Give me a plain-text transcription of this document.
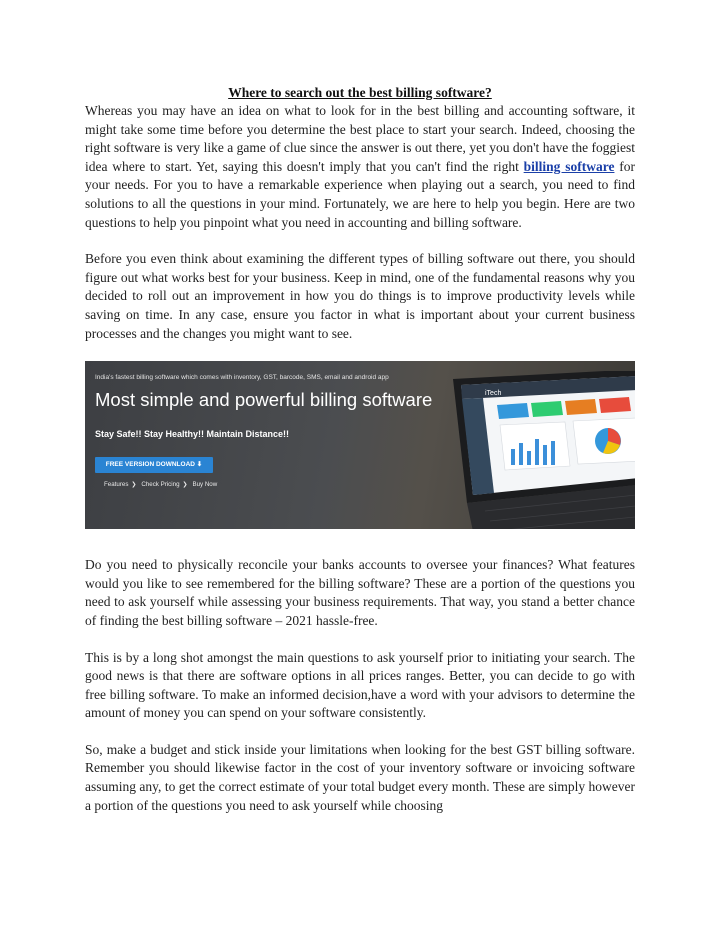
Where to search out the best billing software?

Whereas you may have an idea on what to look for in the best billing and accounting software, it might take some time before you determine the best place to start your search. Indeed, choosing the right software is very like a game of clue since the answer is out there, yet you don't have the foggiest idea where to start. Yet, saying this doesn't imply that you can't find the right billing software for your needs. For you to have a remarkable experience when playing out a search, you need to find solutions to all the questions in your mind. Fortunately, we are here to help you begin. Here are two questions to help you pinpoint what you need in accounting and billing software.

Before you even think about examining the different types of billing software out there, you should figure out what works best for your business. Keep in mind, one of the fundamental reasons why you decided to roll out an improvement in how you do things is to improve productivity levels while saving on time. In any case, ensure you factor in what is important about your current business processes and the changes you might want to see.

India's fastest billing software which comes with inventory, GST, barcode, SMS, email and android app
Most simple and powerful billing software
Stay Safe!! Stay Healthy!! Maintain Distance!!
FREE VERSION DOWNLOAD ⬇
Features ❯ Check Pricing ❯ Buy Now
iTech

Do you need to physically reconcile your banks accounts to oversee your finances? What features would you like to see remembered for the billing software? These are a portion of the questions you need to ask yourself while assessing your business requirements. That way, you stand a better chance of finding the best billing software – 2021 hassle-free.

This is by a long shot amongst the main questions to ask yourself prior to initiating your search. The good news is that there are software options in all prices ranges. Better, you can decide to go with free billing software. To make an informed decision,have a word with your advisors to determine the amount of money you can spend on your software consistently.

So, make a budget and stick inside your limitations when looking for the best GST billing software. Remember you should likewise factor in the cost of your inventory software or invoicing software assuming any, to get the correct estimate of your total budget every month. These are simply however a portion of the questions you need to ask yourself while choosing
